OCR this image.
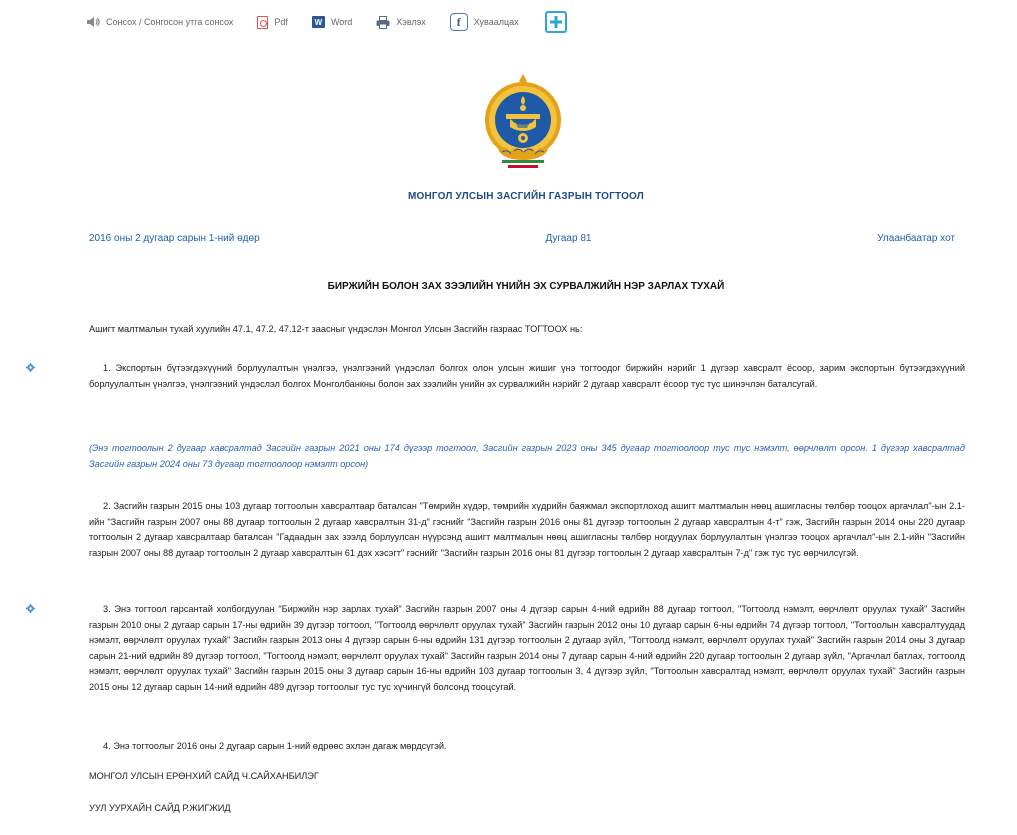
Сонсох / Сонгосон утга сонсох	Pdf	W Word	Хэвлэх	f	Хуваалцах
МОНГОЛ УЛСЫН ЗАСГИЙН ГАЗРЫН ТОГТООЛ
2016 оны 2 дугаар сарын 1-ний өдөр	Дугаар 81	Улаанбаатар хот
БИРЖИЙН БОЛОН ЗАХ ЗЭЭЛИЙН ҮНИЙН ЭХ СУРВАЛЖИЙН НЭР ЗАРЛАХ ТУХАЙ
Ашигт малтмалын тухай хуулийн 47.1, 47.2, 47.12-т заасныг үндэслэн Монгол Улсын Засгийн газраас ТОГТООХ нь:
1. Экспортын бүтээгдэхүүний борлуулалтын үнэлгээ, үнэлгээний үндэслэл болгох олон улсын жишиг үнэ тогтоодог биржийн нэрийг 1 дүгээр хавсралт ёсоор, зарим экспортын бүтээгдэхүүний борлуулалтын үнэлгээ, үнэлгээний үндэслэл болгох Монголбанкны болон зах зээлийн үнийн эх сурвалжийн нэрийг 2 дугаар хавсралт ёсоор тус тус шинэчлэн баталсугай.
(Энэ тогтоолын 2 дугаар хавсралтад Засгийн газрын 2021 оны 174 дүгээр тогтоол, Засгийн газрын 2023 оны 345 дугаар тогтоолоор тус тус нэмэлт, өөрчлөлт орсон. 1 дүгээр хавсралтад Засгийн газрын 2024 оны 73 дугаар тогтоолоор нэмэлт орсон)
2. Засгийн газрын 2015 оны 103 дугаар тогтоолын хавсралтаар баталсан "Төмрийн хүдэр, төмрийн хүдрийн баяжмал экспортлоход ашигт малтмалын нөөц ашигласны төлбөр тооцох аргачлал"-ын 2.1-ийн "Засгийн газрын 2007 оны 88 дугаар тогтоолын 2 дугаар хавсралтын 31-д" гэснийг "Засгийн газрын 2016 оны 81 дүгээр тогтоолын 2 дугаар хавсралтын 4-т" гэж, Засгийн газрын 2014 оны 220 дугаар тогтоолын 2 дугаар хавсралтаар баталсан "Гадаадын зах зээлд борлуулсан нүүрсэнд ашигт малтмалын нөөц ашигласны төлбөр ногдуулах борлуулалтын үнэлгээ тооцох аргачлал"-ын 2.1-ийн "Засгийн газрын 2007 оны 88 дугаар тогтоолын 2 дугаар хавсралтын 61 дэх хэсэгт" гэснийг "Засгийн газрын 2016 оны 81 дүгээр тогтоолын 2 дугаар хавсралтын 7-д" гэж тус тус өөрчилсүгэй.
3. Энэ тогтоол гарсантай холбогдуулан "Биржийн нэр зарлах тухай" Засгийн газрын 2007 оны 4 дүгээр сарын 4-ний өдрийн 88 дугаар тогтоол, "Тогтоолд нэмэлт, өөрчлөлт оруулах тухай" Засгийн газрын 2010 оны 2 дугаар сарын 17-ны өдрийн 39 дүгээр тогтоол, "Тогтоолд өөрчлөлт оруулах тухай" Засгийн газрын 2012 оны 10 дугаар сарын 6-ны өдрийн 74 дүгээр тогтоол, "Тогтоолын хавсралтуудад нэмэлт, өөрчлөлт оруулах тухай" Засгийн газрын 2013 оны 4 дүгээр сарын 6-ны өдрийн 131 дүгээр тогтоолын 2 дугаар зүйл, "Тогтоолд нэмэлт, өөрчлөлт оруулах тухай" Засгийн газрын 2014 оны 3 дугаар сарын 21-ний өдрийн 89 дүгээр тогтоол, "Тогтоолд нэмэлт, өөрчлөлт оруулах тухай" Засгийн газрын 2014 оны 7 дугаар сарын 4-ний өдрийн 220 дугаар тогтоолын 2 дугаар зүйл, "Аргачлал батлах, тогтоолд нэмэлт, өөрчлөлт оруулах тухай" Засгийн газрын 2015 оны 3 дугаар сарын 16-ны өдрийн 103 дугаар тогтоолын 3, 4 дүгээр зүйл, "Тогтоолын хавсралтад нэмэлт, өөрчлөлт оруулах тухай" Засгийн газрын 2015 оны 12 дугаар сарын 14-ний өдрийн 489 дүгээр тогтоолыг тус тус хүчингүй болсонд тооцсугай.
4. Энэ тогтоолыг 2016 оны 2 дугаар сарын 1-ний өдрөөс эхлэн дагаж мөрдсүгэй.
МОНГОЛ УЛСЫН ЕРӨНХИЙ САЙД Ч.САЙХАНБИЛЭГ
УУЛ УУРХАЙН САЙД Р.ЖИГЖИД
